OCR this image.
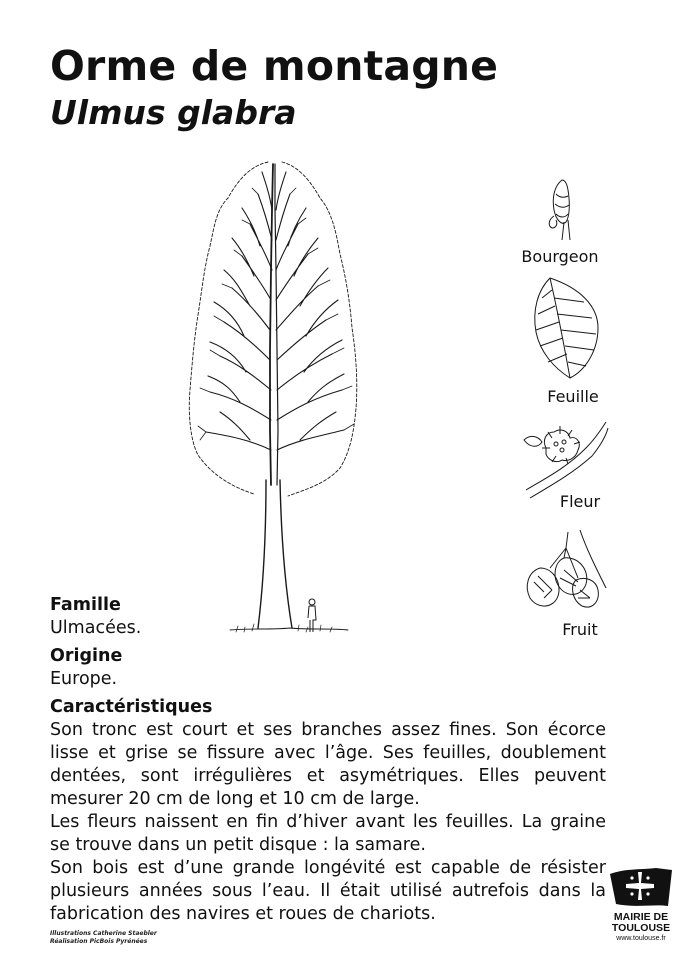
Orme de montagne
Ulmus glabra
Bourgeon
Feuille
Fleur
Fruit
Famille
Ulmacées.
Origine
Europe.
Caractéristiques
Son tronc est court et ses branches assez fines. Son écorce lisse et grise se fissure avec l’âge. Ses feuilles, doublement dentées, sont irrégulières et asymétriques. Elles peuvent mesurer 20 cm de long et 10 cm de large.
Les fleurs naissent en fin d’hiver avant les feuilles. La graine se trouve dans un petit disque : la samare.
Son bois est d’une grande longévité est capable de résister plusieurs années sous l’eau. Il était utilisé autrefois dans la fabrication des navires et roues de chariots.
Illustrations Catherine Staebler
Réalisation PicBois Pyrénées
MAIRIE DE
TOULOUSE
www.toulouse.fr
